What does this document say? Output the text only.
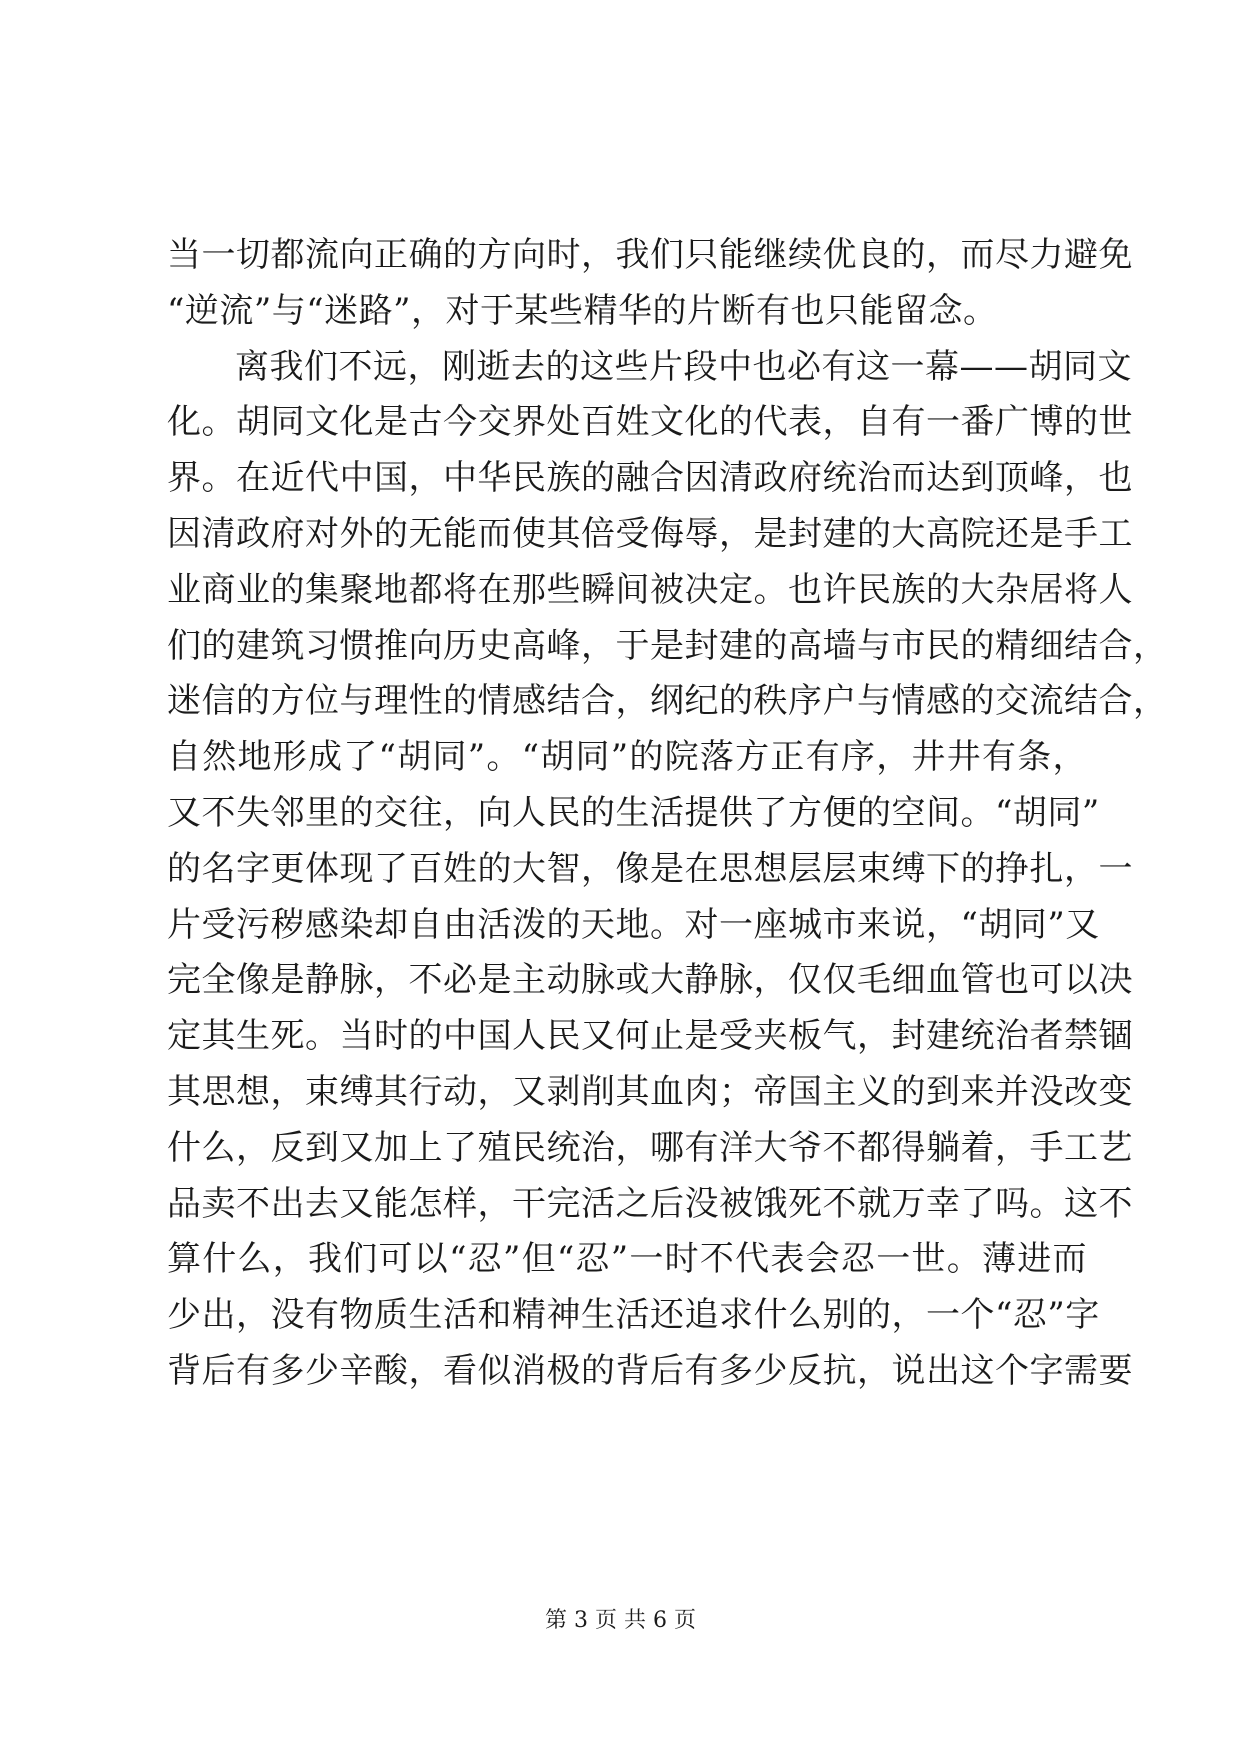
当一切都流向正确的方向时，我们只能继续优良的，而尽力避免
“逆流”与“迷路”，对于某些精华的片断有也只能留念。
离我们不远，刚逝去的这些片段中也必有这一幕——胡同文
化。胡同文化是古今交界处百姓文化的代表，自有一番广博的世
界。在近代中国，中华民族的融合因清政府统治而达到顶峰，也
因清政府对外的无能而使其倍受侮辱，是封建的大高院还是手工
业商业的集聚地都将在那些瞬间被决定。也许民族的大杂居将人
们的建筑习惯推向历史高峰，于是封建的高墙与市民的精细结合，
迷信的方位与理性的情感结合，纲纪的秩序户与情感的交流结合，
自然地形成了“胡同”。“胡同”的院落方正有序，井井有条，
又不失邻里的交往，向人民的生活提供了方便的空间。“胡同”
的名字更体现了百姓的大智，像是在思想层层束缚下的挣扎，一
片受污秽感染却自由活泼的天地。对一座城市来说，“胡同”又
完全像是静脉，不必是主动脉或大静脉，仅仅毛细血管也可以决
定其生死。当时的中国人民又何止是受夹板气，封建统治者禁锢
其思想，束缚其行动，又剥削其血肉；帝国主义的到来并没改变
什么，反到又加上了殖民统治，哪有洋大爷不都得躺着，手工艺
品卖不出去又能怎样，干完活之后没被饿死不就万幸了吗。这不
算什么，我们可以“忍”但“忍”一时不代表会忍一世。薄进而
少出，没有物质生活和精神生活还追求什么别的，一个“忍”字
背后有多少辛酸，看似消极的背后有多少反抗，说出这个字需要
第 3 页 共 6 页
